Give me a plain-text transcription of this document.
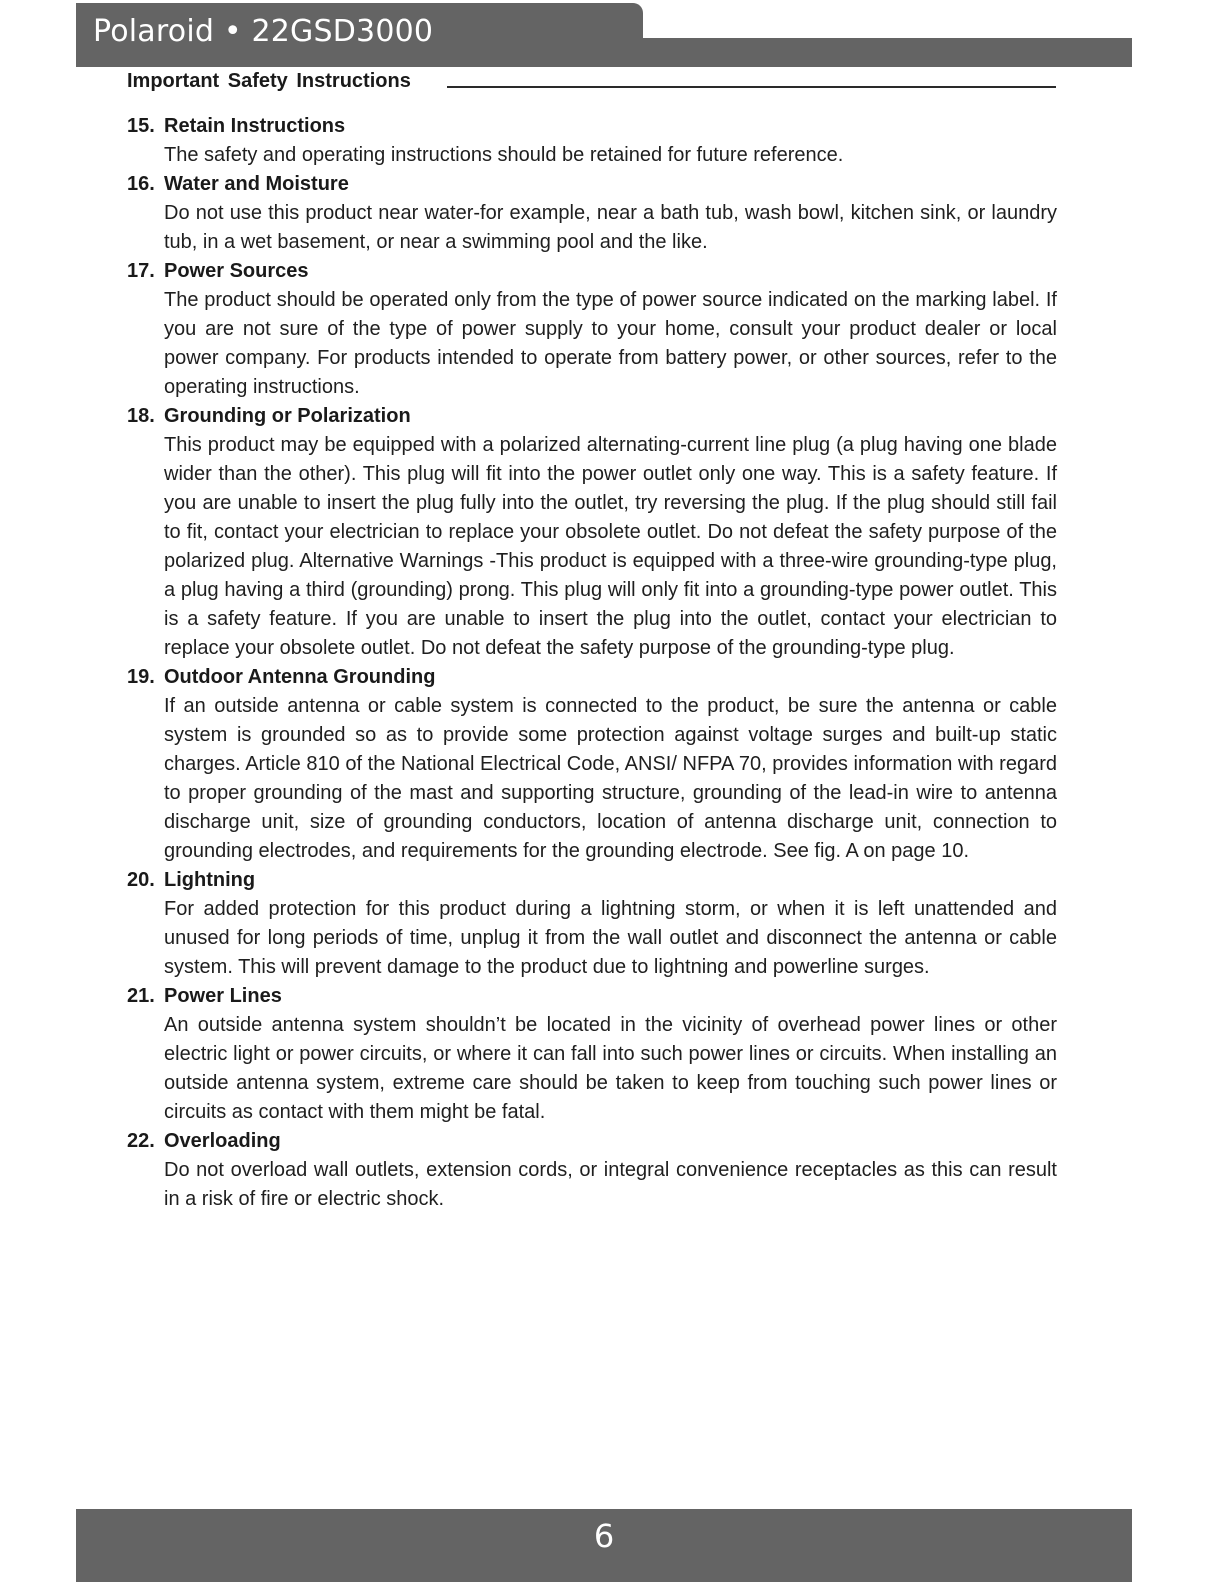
Polaroid • 22GSD3000
Important Safety Instructions
15. Retain Instructions
The safety and operating instructions should be retained for future reference.
16. Water and Moisture
Do not use this product near water-for example, near a bath tub, wash bowl, kitchen sink, or laundry tub, in a wet basement, or near a swimming pool and the like.
17. Power Sources
The product should be operated only from the type of power source indicated on the marking label. If you are not sure of the type of power supply to your home, consult your product dealer or local power company. For products intended to operate from battery power, or other sources, refer to the operating instructions.
18. Grounding or Polarization
This product may be equipped with a polarized alternating-current line plug (a plug having one blade wider than the other). This plug will fit into the power outlet only one way. This is a safety feature. If you are unable to insert the plug fully into the outlet, try reversing the plug. If the plug should still fail to fit, contact your electrician to replace your obsolete outlet. Do not defeat the safety purpose of the polarized plug. Alternative Warnings -This product is equipped with a three-wire grounding-type plug, a plug having a third (grounding) prong. This plug will only fit into a grounding-type power outlet. This is a safety feature. If you are unable to insert the plug into the outlet, contact your electrician to replace your obsolete outlet. Do not defeat the safety purpose of the grounding-type plug.
19. Outdoor Antenna Grounding
If an outside antenna or cable system is connected to the product, be sure the antenna or cable system is grounded so as to provide some protection against voltage surges and built-up static charges. Article 810 of the National Electrical Code, ANSI/ NFPA 70, provides information with regard to proper grounding of the mast and supporting structure, grounding of the lead-in wire to antenna discharge unit, size of grounding conductors, location of antenna discharge unit, connection to grounding electrodes, and requirements for the grounding electrode. See fig. A on page 10.
20. Lightning
For added protection for this product during a lightning storm, or when it is left unattended and unused for long periods of time, unplug it from the wall outlet and disconnect the antenna or cable system. This will prevent damage to the product due to lightning and powerline surges.
21. Power Lines
An outside antenna system shouldn’t be located in the vicinity of overhead power lines or other electric light or power circuits, or where it can fall into such power lines or circuits. When installing an outside antenna system, extreme care should be taken to keep from touching such power lines or circuits as contact with them might be fatal.
22. Overloading
Do not overload wall outlets, extension cords, or integral convenience receptacles as this can result in a risk of fire or electric shock.
6
